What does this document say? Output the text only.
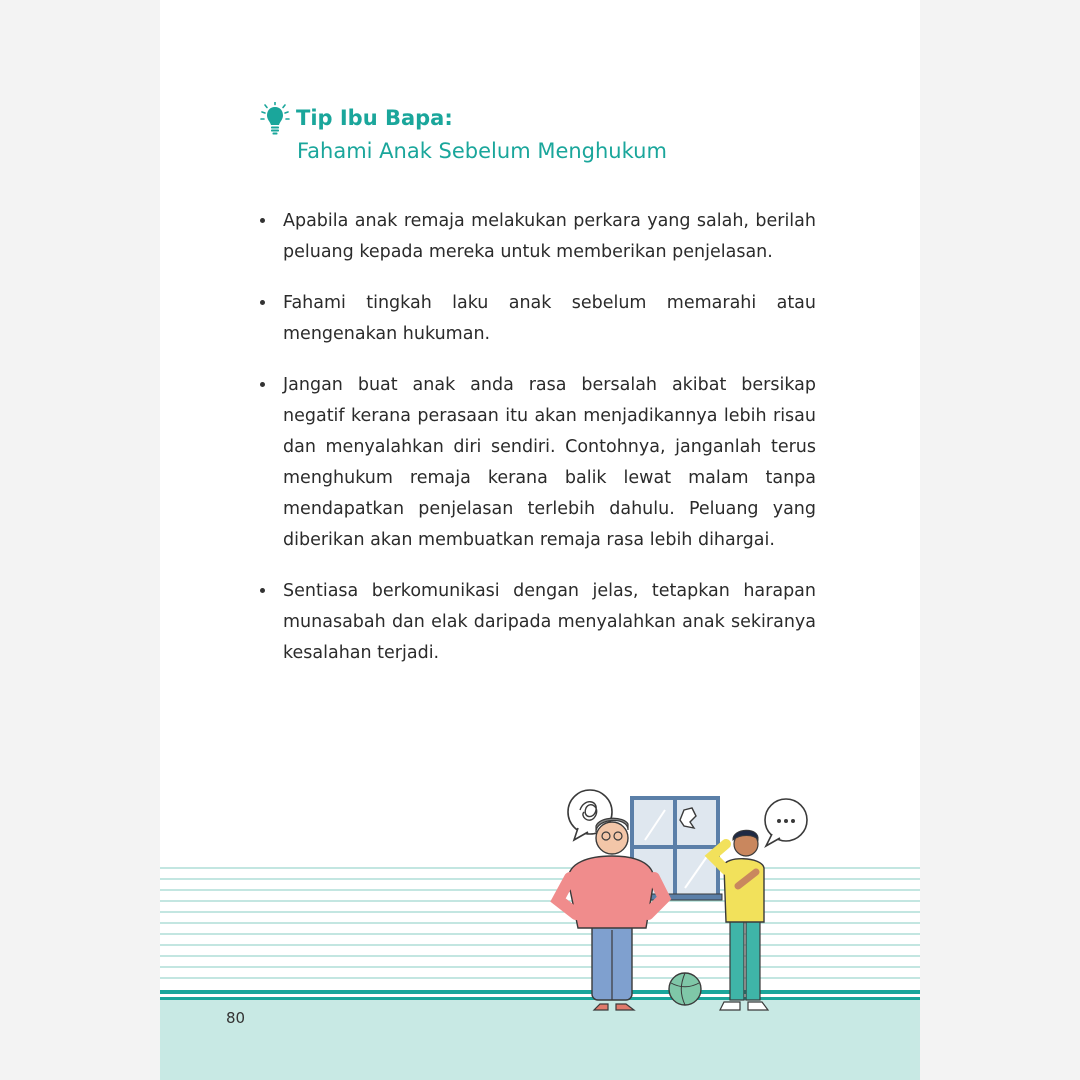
Tip Ibu Bapa:
Fahami Anak Sebelum Menghukum
Apabila anak remaja melakukan perkara yang salah, berilah peluang kepada mereka untuk memberikan penjelasan.
Fahami tingkah laku anak sebelum memarahi atau mengenakan hukuman.
Jangan buat anak anda rasa bersalah akibat bersikap negatif kerana perasaan itu akan menjadikannya lebih risau dan menyalahkan diri sendiri. Contohnya, janganlah terus menghukum remaja kerana balik lewat malam tanpa mendapatkan penjelasan terlebih dahulu. Peluang yang diberikan akan membuatkan remaja rasa lebih dihargai.
Sentiasa berkomunikasi dengan jelas, tetapkan harapan munasabah dan elak daripada menyalahkan anak sekiranya kesalahan terjadi.
80
